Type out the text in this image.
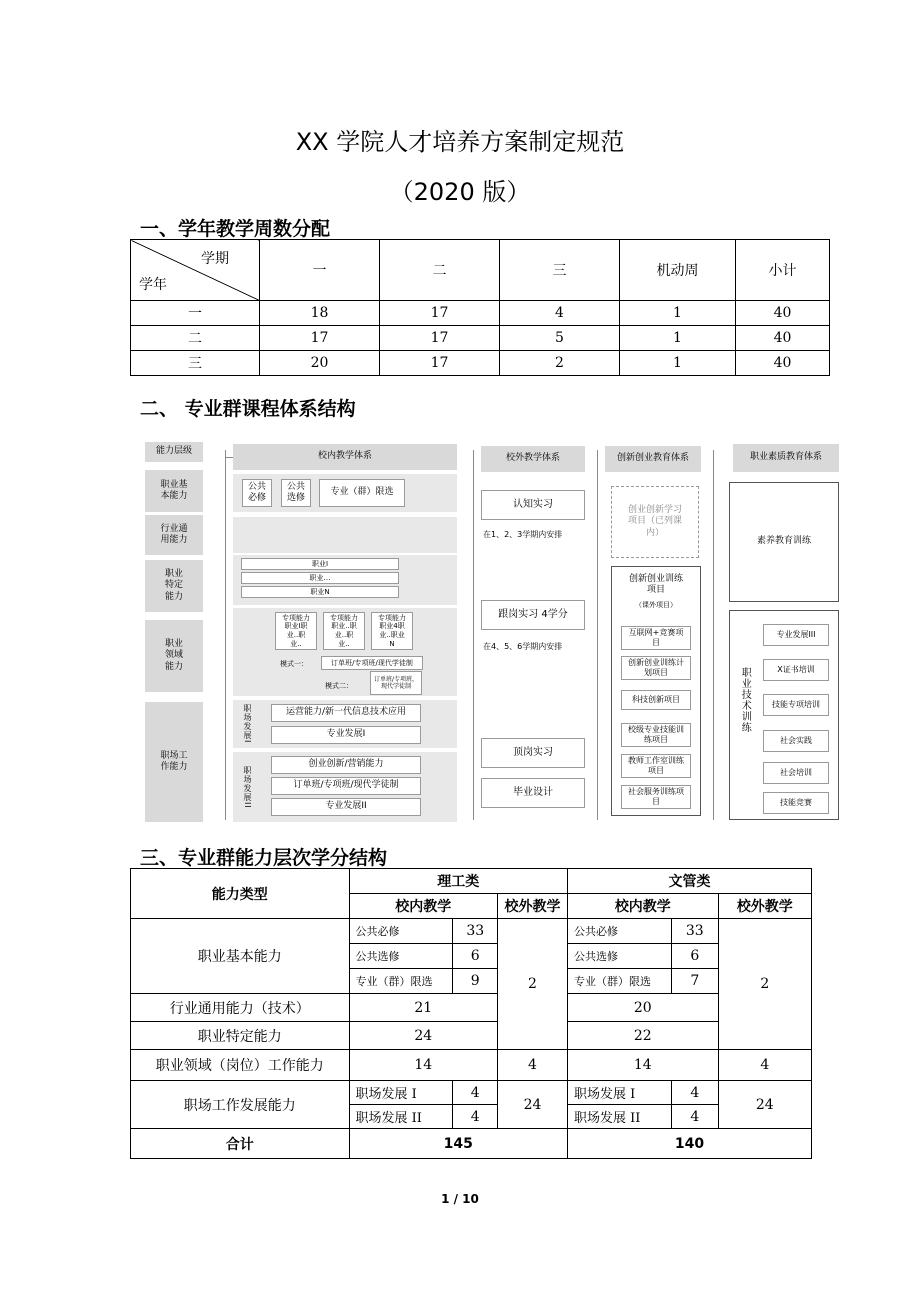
XX 学院人才培养方案制定规范
（2020 版）
一、学年教学周数分配
学期
学年	一	二	三	机动周	小计
一	18	17	4	1	40
二	17	17	5	1	40
三	20	17	2	1	40
二、 专业群课程体系结构
能力层级
职业基本能力
行业通用能力
职业特定能力
职业领域能力
职场工作能力
校内教学体系
公共必修
公共选修
专业（群）限选
职业I
职业…
职业N
专项能力职业I职业..职业..
专项能力职业..职业..职业..
专项能力职业4职业..职业N
模式一：	订单班/专项班/现代学徒制
模式二：
订单班/专项班，现代学徒制
职场发展I	运营能力/新一代信息技术应用
专业发展I
职场发展II
创业创新/营销能力
订单班/专项班/现代学徒制
专业发展II
校外教学体系
认知实习
在1、2、3学期内安排
跟岗实习 4学分
在4、5、6学期内安排
顶岗实习
毕业设计
创新创业教育体系
创业创新学习项目（已列课内）
创新创业训练项目
（课外项目）
互联网+竞赛项目
创新创业训练计划项目
科技创新项目
校级专业技能训练项目
教师工作室训练项目
社会服务训练项目
职业素质教育体系
素养教育训练
职业技术训练
专业发展III
X证书培训
技能专项培训
社会实践
社会培训
技能竞赛
三、专业群能力层次学分结构
能力类型	理工类			文管类		
	校内教学		校外教学	校内教学		校外教学
职业基本能力	公共必修	33	2	公共必修	33	2
	公共选修	6		公共选修	6	
	专业（群）限选	9		专业（群）限选	7	
行业通用能力（技术）	21			20		
职业特定能力	24			22		
职业领域（岗位）工作能力	14		4	14		4
职场工作发展能力	职场发展 I	4	24	职场发展 I	4	24
	职场发展 II	4		职场发展 II	4	
合计	145			140		
1 / 10
